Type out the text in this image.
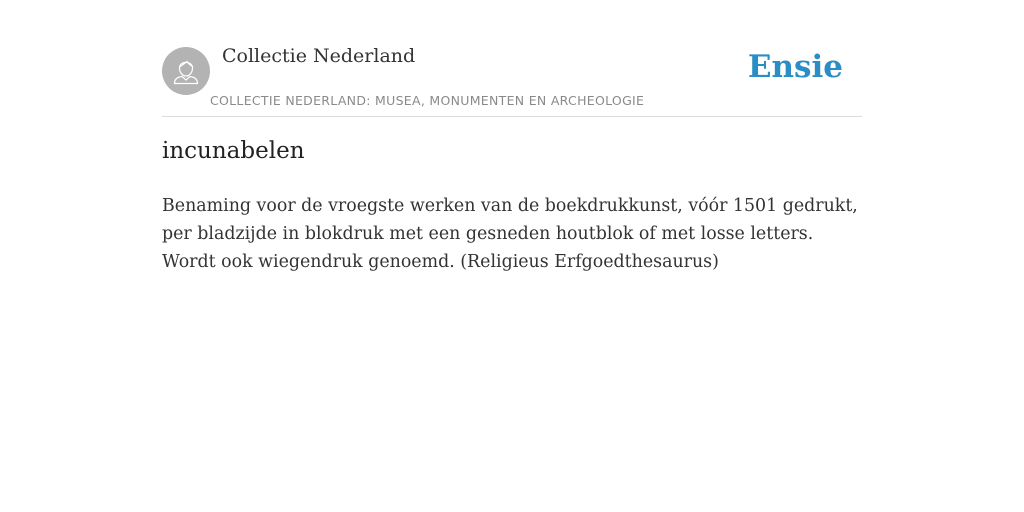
Collectie Nederland
COLLECTIE NEDERLAND: MUSEA, MONUMENTEN EN ARCHEOLOGIE
Ensie
incunabelen

Benaming voor de vroegste werken van de boekdrukkunst, vóór 1501 gedrukt, per bladzijde in blokdruk met een gesneden houtblok of met losse letters. Wordt ook wiegendruk genoemd. (Religieus Erfgoedthesaurus)
